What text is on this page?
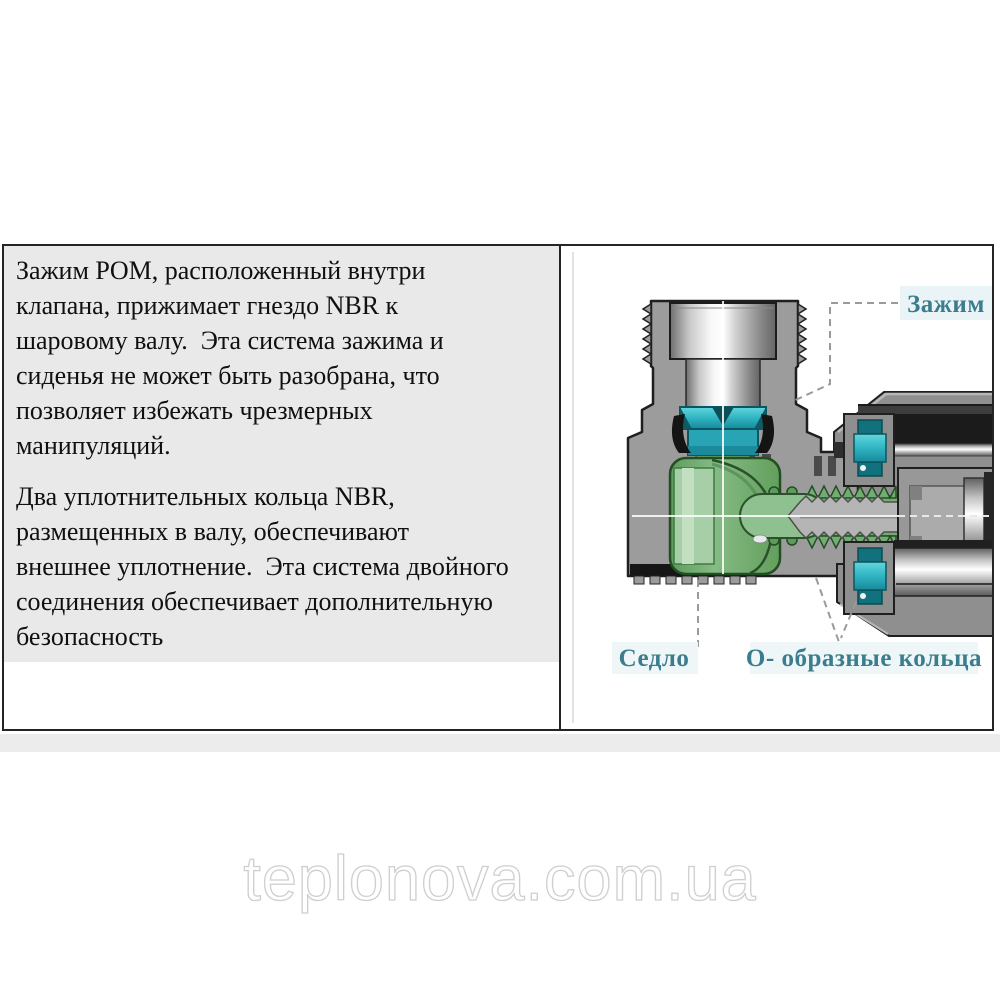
Зажим POM, расположенный внутри
клапана, прижимает гнездо NBR к
шаровому валу.  Эта система зажима и
сиденья не может быть разобрана, что
позволяет избежать чрезмерных
манипуляций.
Два уплотнительных кольца NBR,
размещенных в валу, обеспечивают
внешнее уплотнение.  Эта система двойного
соединения обеспечивает дополнительную
безопасность
Зажим
Седло О- образные кольца
teplonova.com.ua
